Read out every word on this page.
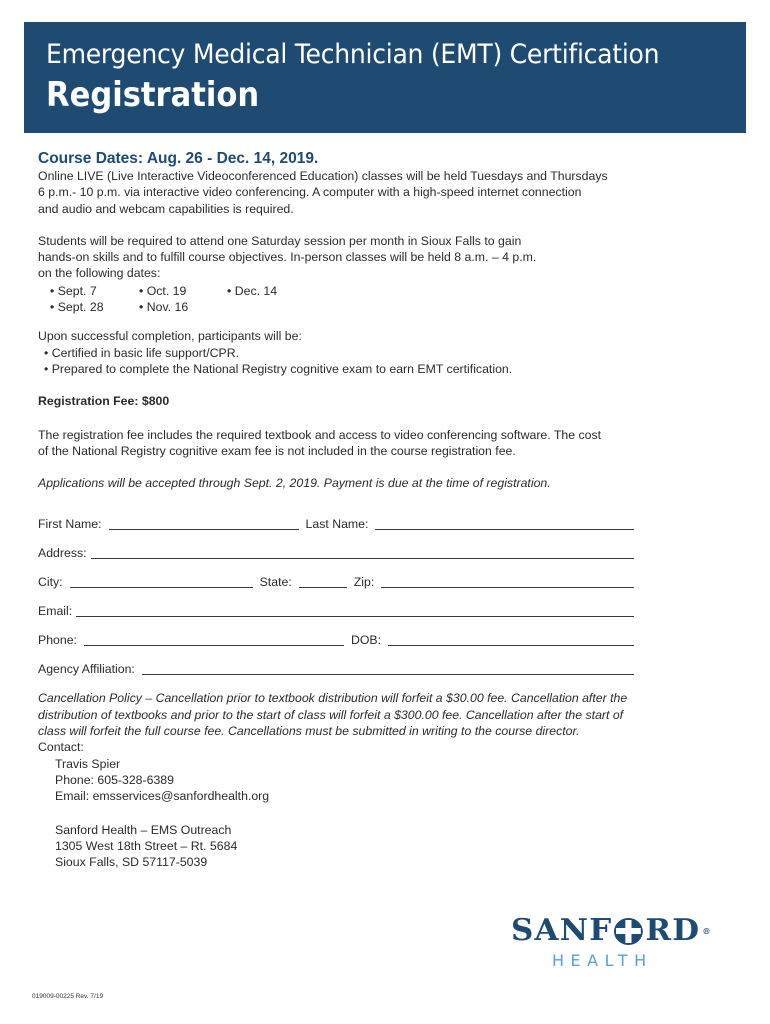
Emergency Medical Technician (EMT) Certification
Registration

Course Dates: Aug. 26 - Dec. 14, 2019.

Online LIVE (Live Interactive Videoconferenced Education) classes will be held Tuesdays and Thursdays
6 p.m.- 10 p.m. via interactive video conferencing. A computer with a high-speed internet connection
and audio and webcam capabilities is required.

Students will be required to attend one Saturday session per month in Sioux Falls to gain
hands-on skills and to fulfill course objectives. In-person classes will be held 8 a.m. – 4 p.m.
on the following dates:

• Sept. 7	• Oct. 19	• Dec. 14
• Sept. 28	• Nov. 16

Upon successful completion, participants will be:

• Certified in basic life support/CPR.
• Prepared to complete the National Registry cognitive exam to earn EMT certification.

Registration Fee: $800

The registration fee includes the required textbook and access to video conferencing software. The cost
of the National Registry cognitive exam fee is not included in the course registration fee.

Applications will be accepted through Sept. 2, 2019. Payment is due at the time of registration.

First Name:	Last Name:
Address:
City:	State:	Zip:
Email:
Phone:	DOB:
Agency Affiliation:

Cancellation Policy – Cancellation prior to textbook distribution will forfeit a $30.00 fee. Cancellation after the
distribution of textbooks and prior to the start of class will forfeit a $300.00 fee. Cancellation after the start of
class will forfeit the full course fee. Cancellations must be submitted in writing to the course director.

Contact:
Travis Spier
Phone: 605-328-6389
Email: emsservices@sanfordhealth.org
Sanford Health – EMS Outreach
1305 West 18th Street – Rt. 5684
Sioux Falls, SD 57117-5039
SANF RD ®
HEALTH
019009-00225 Rev. 7/19
